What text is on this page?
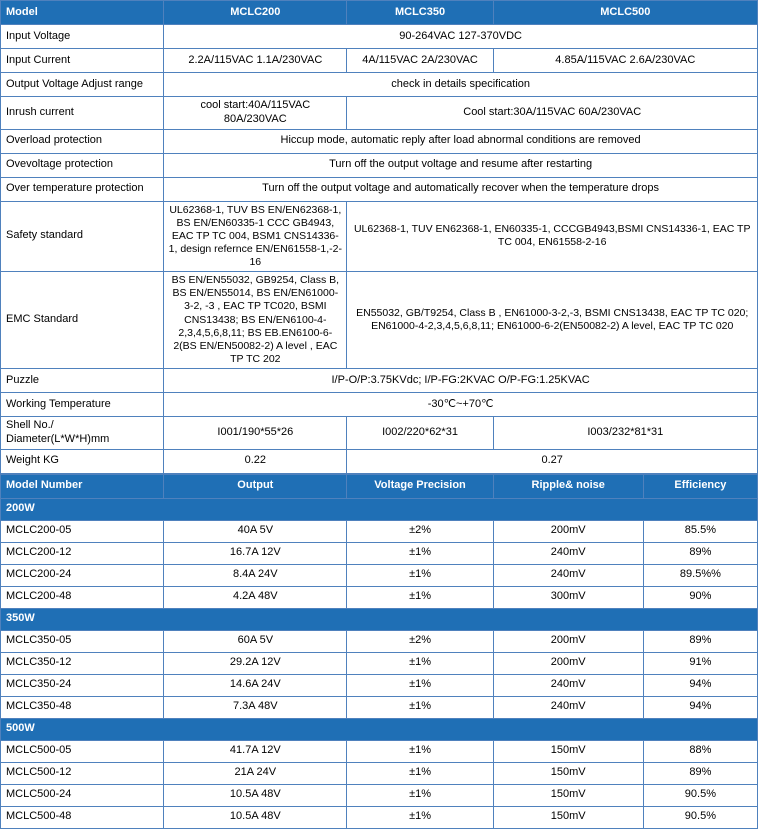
Model	MCLC200	MCLC350	MCLC500
Input Voltage	90-264VAC 127-370VDC		
Input Current	2.2A/115VAC 1.1A/230VAC	4A/115VAC 2A/230VAC	4.85A/115VAC 2.6A/230VAC
Output Voltage Adjust range	check in details specification		
Inrush current	cool start:40A/115VAC 80A/230VAC	Cool start:30A/115VAC 60A/230VAC	
Overload protection	Hiccup mode, automatic reply after load abnormal conditions are removed		
Ovevoltage protection	Turn off the output voltage and resume after restarting		
Over temperature protection	Turn off the output voltage and automatically recover when the temperature drops		
Safety standard	UL62368-1, TUV BS EN/EN62368-1, BS EN/EN60335-1 CCC GB4943, EAC TP TC 004, BSM1 CNS14336-1, design refernce EN/EN61558-1,-2-16	UL62368-1, TUV EN62368-1, EN60335-1, CCCGB4943,BSMI CNS14336-1, EAC TP TC 004, EN61558-2-16	
EMC Standard	BS EN/EN55032, GB9254, Class B, BS EN/EN55014, BS EN/EN61000-3-2, -3 , EAC TP TC020, BSMI CNS13438; BS EN/EN6100-4-2,3,4,5,6,8,11; BS EB.EN6100-6-2(BS EN/EN50082-2) A level , EAC TP TC 202	EN55032, GB/T9254, Class B , EN61000-3-2,-3, BSMI CNS13438, EAC TP TC 020; EN61000-4-2,3,4,5,6,8,11; EN61000-6-2(EN50082-2) A level, EAC TP TC 020	
Puzzle	I/P-O/P:3.75KVdc; I/P-FG:2KVAC O/P-FG:1.25KVAC		
Working Temperature	-30℃~+70℃		
Shell No./ Diameter(L*W*H)mm	I001/190*55*26	I002/220*62*31	I003/232*81*31
Weight KG	0.22	0.27	
Model Number	Output	Voltage Precision	Ripple& noise	Efficiency
200W				
MCLC200-05	40A 5V	±2%	200mV	85.5%
MCLC200-12	16.7A 12V	±1%	240mV	89%
MCLC200-24	8.4A 24V	±1%	240mV	89.5%%
MCLC200-48	4.2A 48V	±1%	300mV	90%
350W				
MCLC350-05	60A 5V	±2%	200mV	89%
MCLC350-12	29.2A 12V	±1%	200mV	91%
MCLC350-24	14.6A 24V	±1%	240mV	94%
MCLC350-48	7.3A 48V	±1%	240mV	94%
500W				
MCLC500-05	41.7A 12V	±1%	150mV	88%
MCLC500-12	21A 24V	±1%	150mV	89%
MCLC500-24	10.5A 48V	±1%	150mV	90.5%
MCLC500-48	10.5A 48V	±1%	150mV	90.5%
